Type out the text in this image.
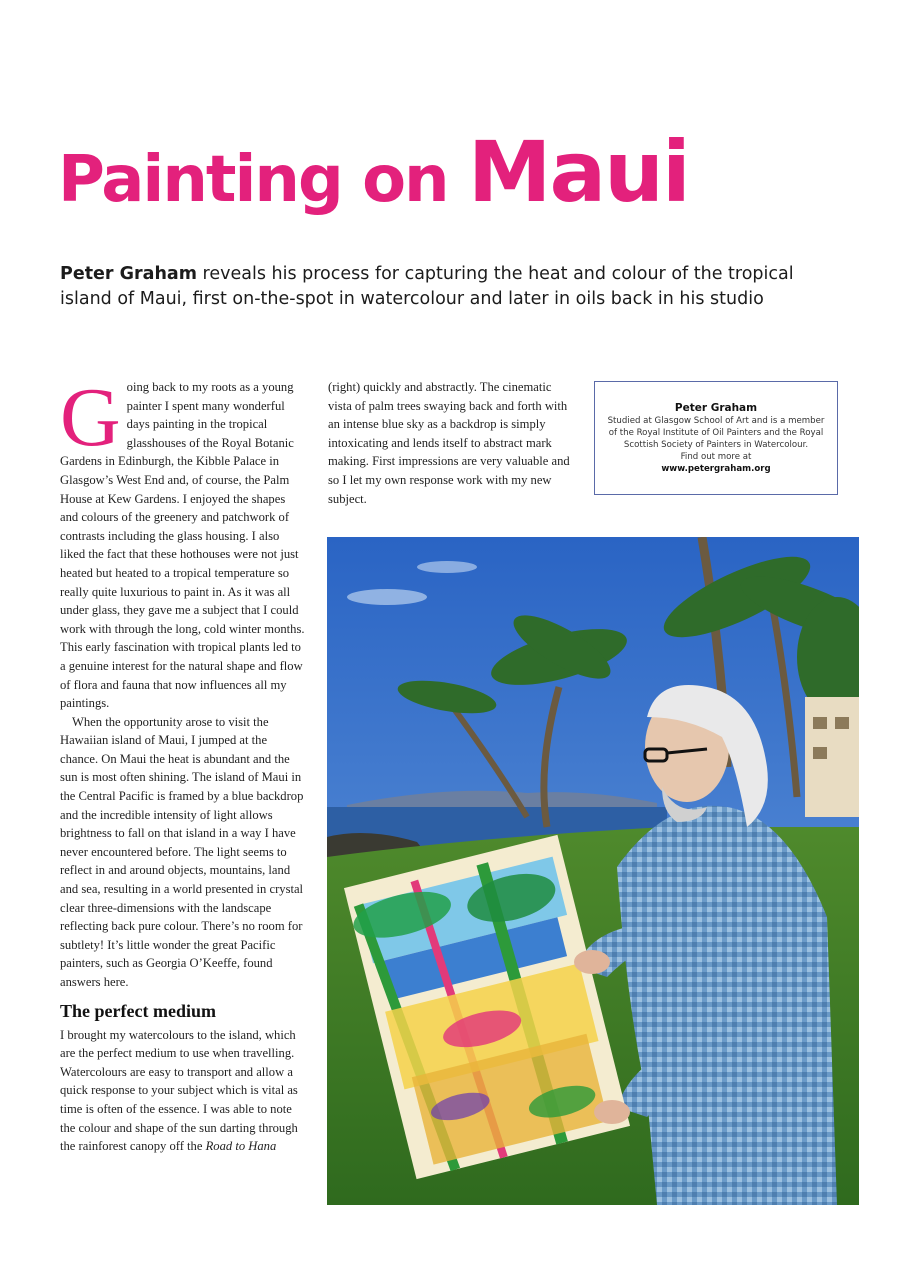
Painting on Maui

Peter Graham reveals his process for capturing the heat and colour of the tropical island of Maui, first on-the-spot in watercolour and later in oils back in his studio

Going back to my roots as a young painter I spent many wonderful days painting in the tropical glasshouses of the Royal Botanic Gardens in Edinburgh, the Kibble Palace in Glasgow’s West End and, of course, the Palm House at Kew Gardens. I enjoyed the shapes and colours of the greenery and patchwork of contrasts including the glass housing. I also liked the fact that these hothouses were not just heated but heated to a tropical temperature so really quite luxurious to paint in. As it was all under glass, they gave me a subject that I could work with through the long, cold winter months. This early fascination with tropical plants led to a genuine interest for the natural shape and flow of flora and fauna that now influences all my paintings.

When the opportunity arose to visit the Hawaiian island of Maui, I jumped at the chance. On Maui the heat is abundant and the sun is most often shining. The island of Maui in the Central Pacific is framed by a blue backdrop and the incredible intensity of light allows brightness to fall on that island in a way I have never encountered before. The light seems to reflect in and around objects, mountains, land and sea, resulting in a world presented in crystal clear three-dimensions with the landscape reflecting back pure colour. There’s no room for subtlety! It’s little wonder the great Pacific painters, such as Georgia O’Keeffe, found answers here.

The perfect medium

I brought my watercolours to the island, which are the perfect medium to use when travelling. Watercolours are easy to transport and allow a quick response to your subject which is vital as time is often of the essence. I was able to note the colour and shape of the sun darting through the rainforest canopy off the Road to Hana

(right) quickly and abstractly. The cinematic vista of palm trees swaying back and forth with an intense blue sky as a backdrop is simply intoxicating and lends itself to abstract mark making. First impressions are very valuable and so I let my own response work with my new subject.

Peter Graham
Studied at Glasgow School of Art and is a member of the Royal Institute of Oil Painters and the Royal Scottish Society of Painters in Watercolour.
Find out more at
www.petergraham.org
